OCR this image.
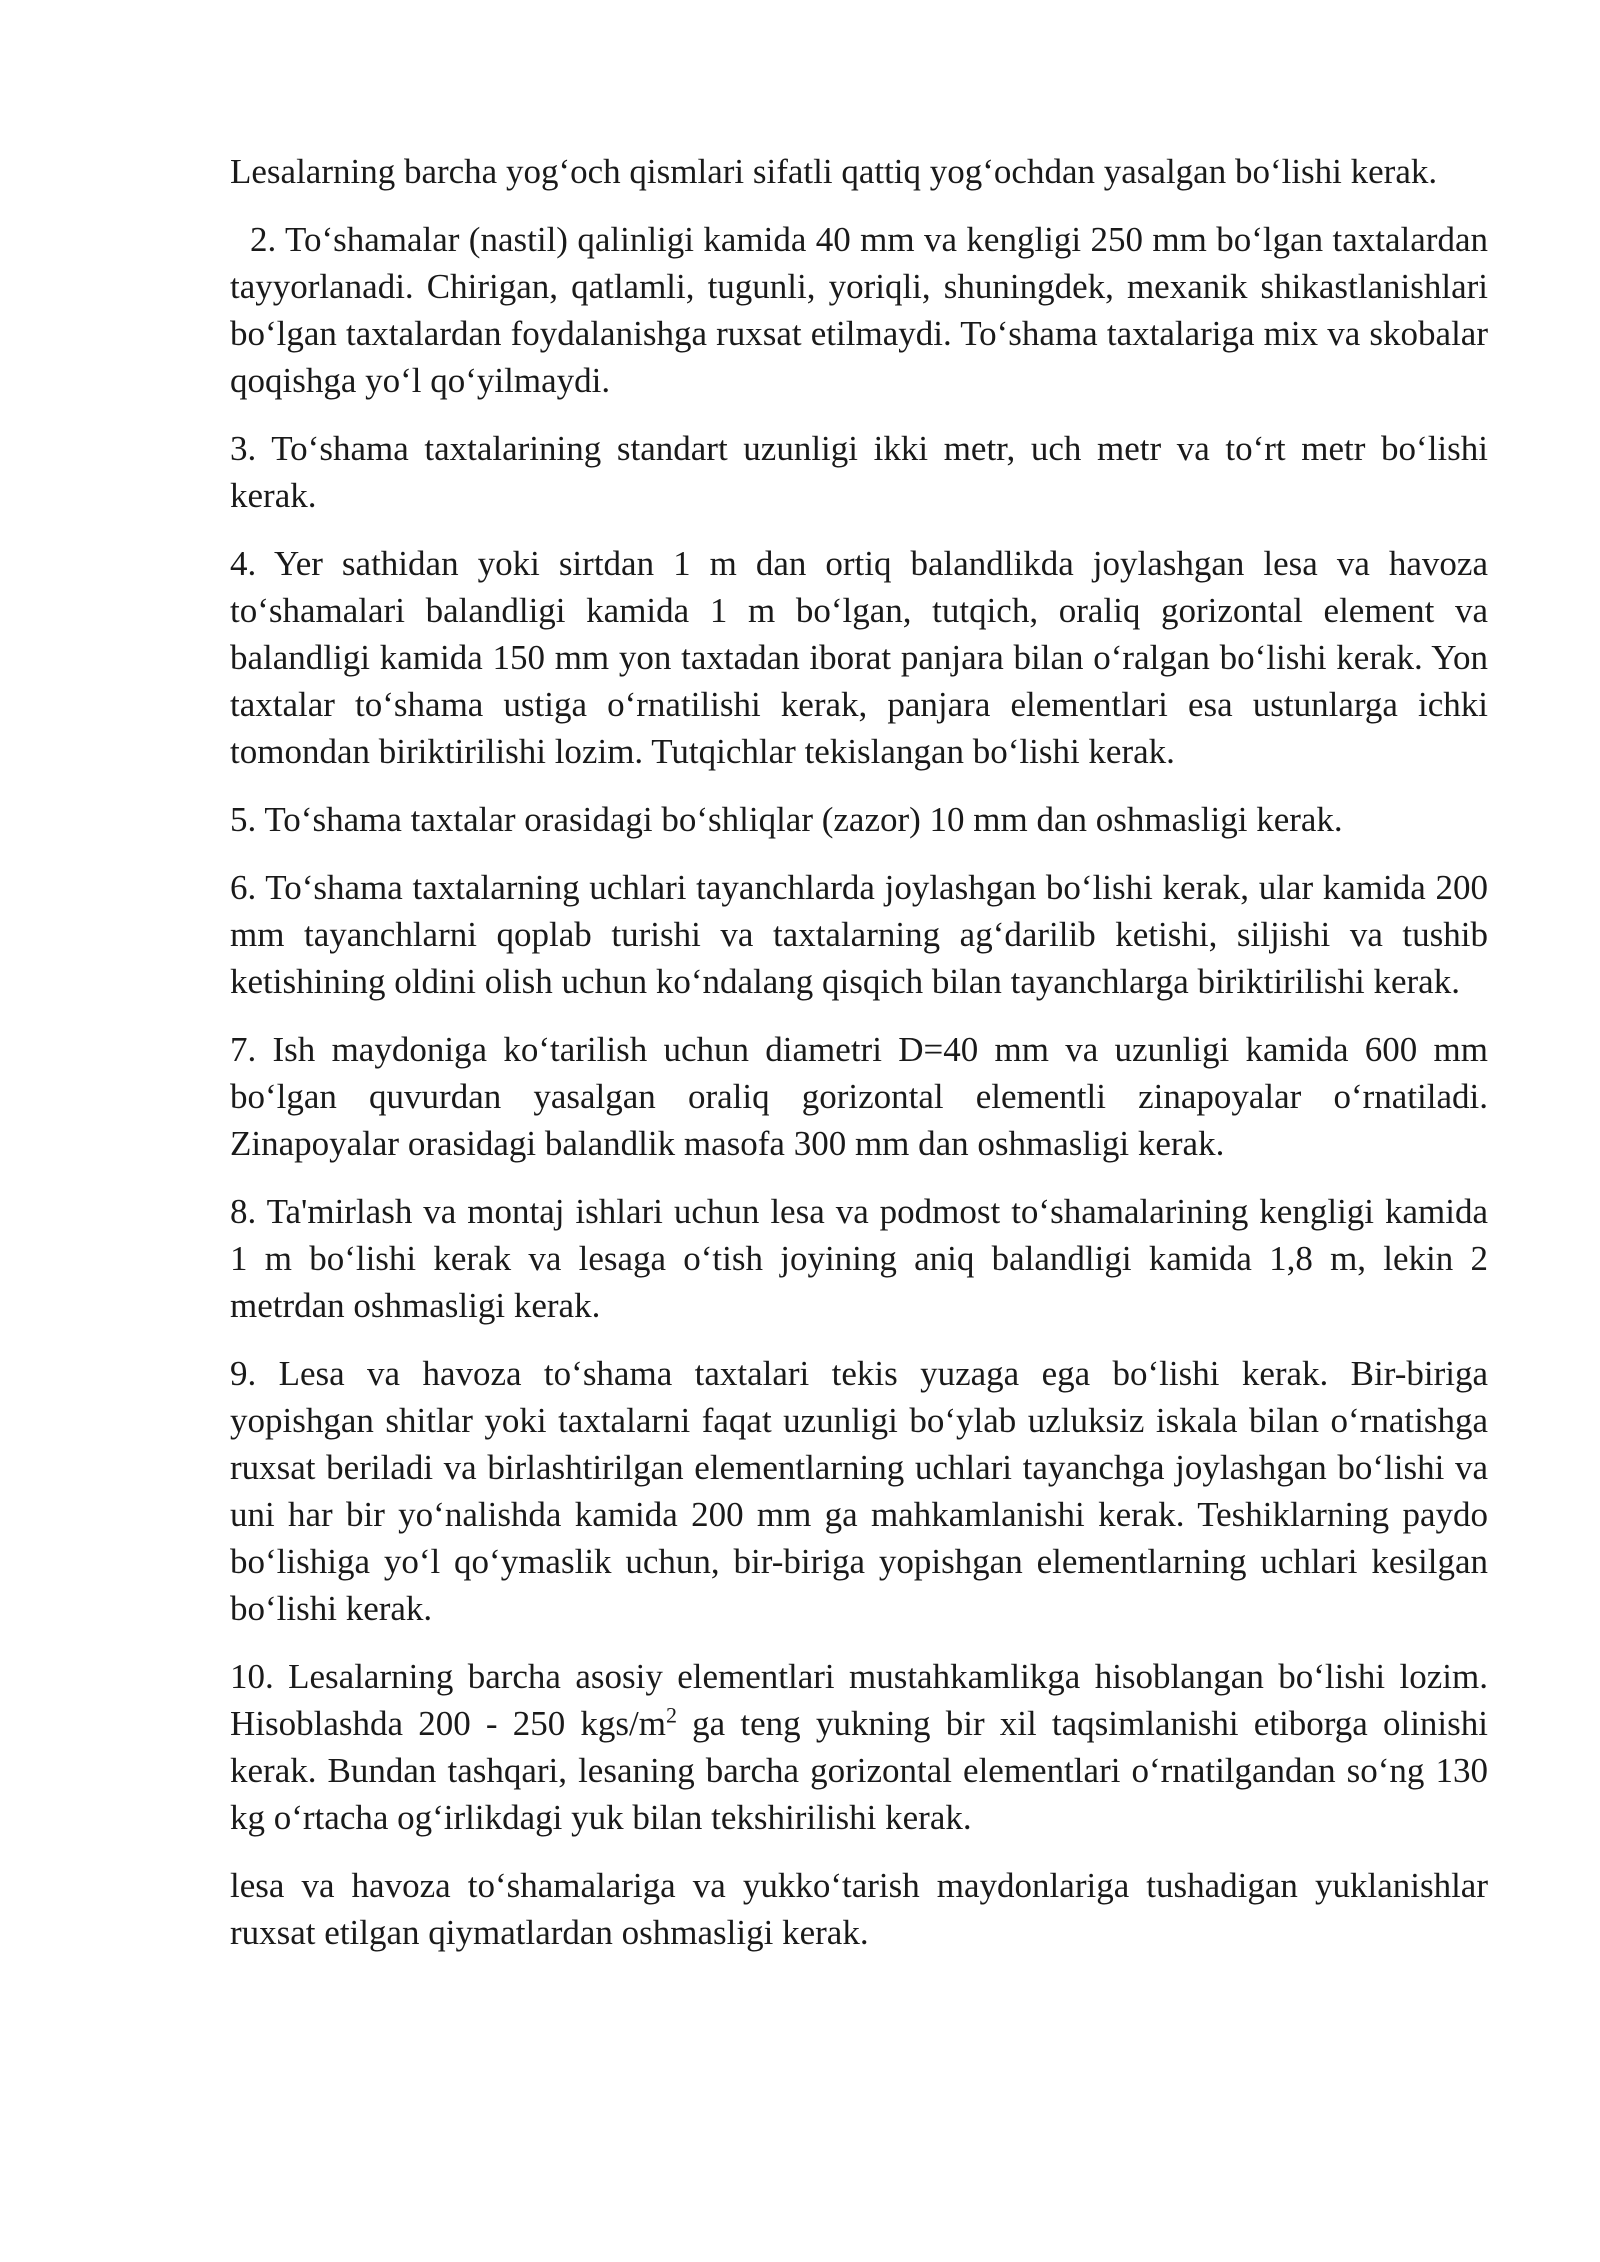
Lesalarning barcha yog‘och qismlari sifatli qattiq yog‘ochdan yasalgan bo‘lishi kerak.

2. To‘shamalar (nastil) qalinligi kamida 40 mm va kengligi 250 mm bo‘lgan taxtalardan tayyorlanadi. Chirigan, qatlamli, tugunli, yoriqli, shuningdek, mexanik shikastlanishlari bo‘lgan taxtalardan foydalanishga ruxsat etilmaydi. To‘shama taxtalariga mix va skobalar qoqishga yo‘l qo‘yilmaydi.

3. To‘shama taxtalarining standart uzunligi ikki metr, uch metr va to‘rt metr bo‘lishi kerak.

4. Yer sathidan yoki sirtdan 1 m dan ortiq balandlikda joylashgan lesa va havoza to‘shamalari balandligi kamida 1 m bo‘lgan, tutqich, oraliq gorizontal element va balandligi kamida 150 mm yon taxtadan iborat panjara bilan o‘ralgan bo‘lishi kerak. Yon taxtalar to‘shama ustiga o‘rnatilishi kerak, panjara elementlari esa ustunlarga ichki tomondan biriktirilishi lozim. Tutqichlar tekislangan bo‘lishi kerak.

5. To‘shama taxtalar orasidagi bo‘shliqlar (zazor) 10 mm dan oshmasligi kerak.

6. To‘shama taxtalarning uchlari tayanchlarda joylashgan bo‘lishi kerak, ular kamida 200 mm tayanchlarni qoplab turishi va taxtalarning ag‘darilib ketishi, siljishi va tushib ketishining oldini olish uchun ko‘ndalang qisqich bilan tayanchlarga biriktirilishi kerak.

7. Ish maydoniga ko‘tarilish uchun diametri D=40 mm va uzunligi kamida 600 mm bo‘lgan quvurdan yasalgan oraliq gorizontal elementli zinapoyalar o‘rnatiladi. Zinapoyalar orasidagi balandlik masofa 300 mm dan oshmasligi kerak.

8. Ta'mirlash va montaj ishlari uchun lesa va podmost to‘shamalarining kengligi kamida 1 m bo‘lishi kerak va lesaga o‘tish joyining aniq balandligi kamida 1,8 m, lekin 2 metrdan oshmasligi kerak.

9. Lesa va havoza to‘shama taxtalari tekis yuzaga ega bo‘lishi kerak. Bir-biriga yopishgan shitlar yoki taxtalarni faqat uzunligi bo‘ylab uzluksiz iskala bilan o‘rnatishga ruxsat beriladi va birlashtirilgan elementlarning uchlari tayanchga joylashgan bo‘lishi va uni har bir yo‘nalishda kamida 200 mm ga mahkamlanishi kerak. Teshiklarning paydo bo‘lishiga yo‘l qo‘ymaslik uchun, bir-biriga yopishgan elementlarning uchlari kesilgan bo‘lishi kerak.

10. Lesalarning barcha asosiy elementlari mustahkamlikga hisoblangan bo‘lishi lozim. Hisoblashda 200 - 250 kgs/$m^2$ ga teng yukning bir xil taqsimlanishi etiborga olinishi kerak. Bundan tashqari, lesaning barcha gorizontal elementlari o‘rnatilgandan so‘ng 130 kg o‘rtacha og‘irlikdagi yuk bilan tekshirilishi kerak.

lesa va havoza to‘shamalariga va yukko‘tarish maydonlariga tushadigan yuklanishlar ruxsat etilgan qiymatlardan oshmasligi kerak.
